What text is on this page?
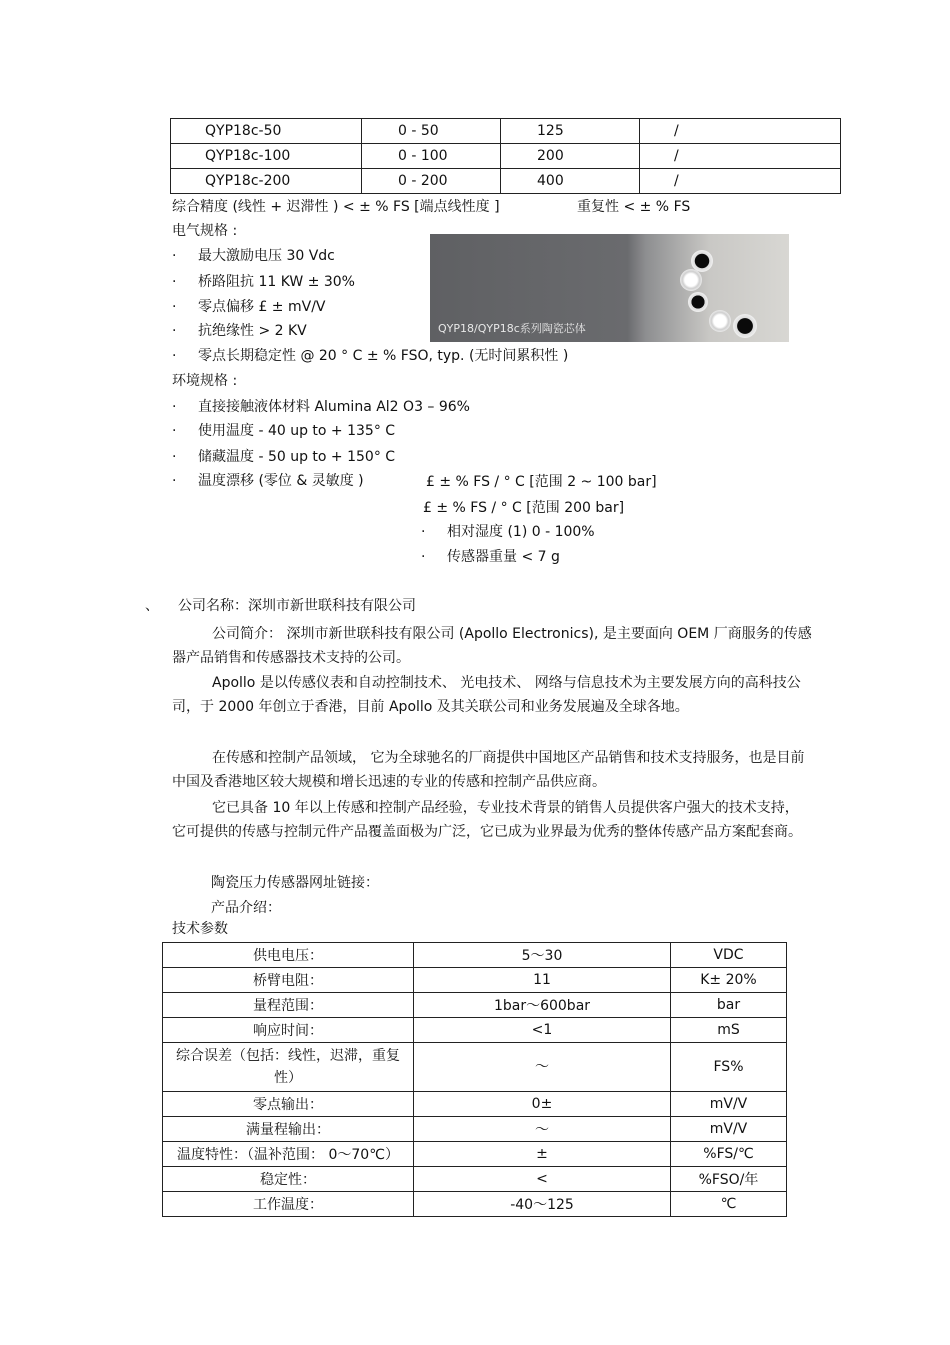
QYP18c-50	0 - 50	125	/
QYP18c-100	0 - 100	200	/
QYP18c-200	0 - 200	400	/
综合精度 (线性 + 迟滞性 ) < ± % FS [端点线性度 ]	重复性 < ± % FS
电气规格 :
· 最大激励电压 30 Vdc
· 桥路阻抗 11 KW ± 30%
· 零点偏移 £ ± mV/V
· 抗绝缘性 > 2 KV
· 零点长期稳定性 @ 20 ° C ± % FSO, typ. (无时间累积性 )
QYP18/QYP18c系列陶瓷芯体
环境规格 :
· 直接接触液体材料 Alumina Al2 O3 – 96%
· 使用温度 - 40 up to + 135° C
· 储藏温度 - 50 up to + 150° C
· 温度漂移 (零位 & 灵敏度 )	£ ± % FS / ° C [范围 2 ~ 100 bar]
£ ± % FS / ° C [范围 200 bar]
· 相对湿度 (1) 0 - 100%
· 传感器重量 < 7 g
、 公司名称：深圳市新世联科技有限公司

公司简介： 深圳市新世联科技有限公司 (Apollo Electronics), 是主要面向 OEM 厂商服务的传感器产品销售和传感器技术支持的公司。

Apollo 是以传感仪表和自动控制技术、 光电技术、 网络与信息技术为主要发展方向的高科技公司，于 2000 年创立于香港，目前 Apollo 及其关联公司和业务发展遍及全球各地。

在传感和控制产品领域， 它为全球驰名的厂商提供中国地区产品销售和技术支持服务，也是目前中国及香港地区较大规模和增长迅速的专业的传感和控制产品供应商。

它已具备 10 年以上传感和控制产品经验，专业技术背景的销售人员提供客户强大的技术支持，它可提供的传感与控制元件产品覆盖面极为广泛，它已成为业界最为优秀的整体传感产品方案配套商。

陶瓷压力传感器网址链接：
产品介绍：
技术参数
供电电压：	5～30	VDC
桥臂电阻：	11	K± 20%
量程范围：	1bar～600bar	bar
响应时间：	<1	mS
综合误差（包括：线性，迟滞，重复性）	～	FS%
零点输出：	0±	mV/V
满量程输出：	～	mV/V
温度特性：（温补范围： 0～70℃）	±	%FS/℃
稳定性：	<	%FSO/年
工作温度：	-40～125	℃
